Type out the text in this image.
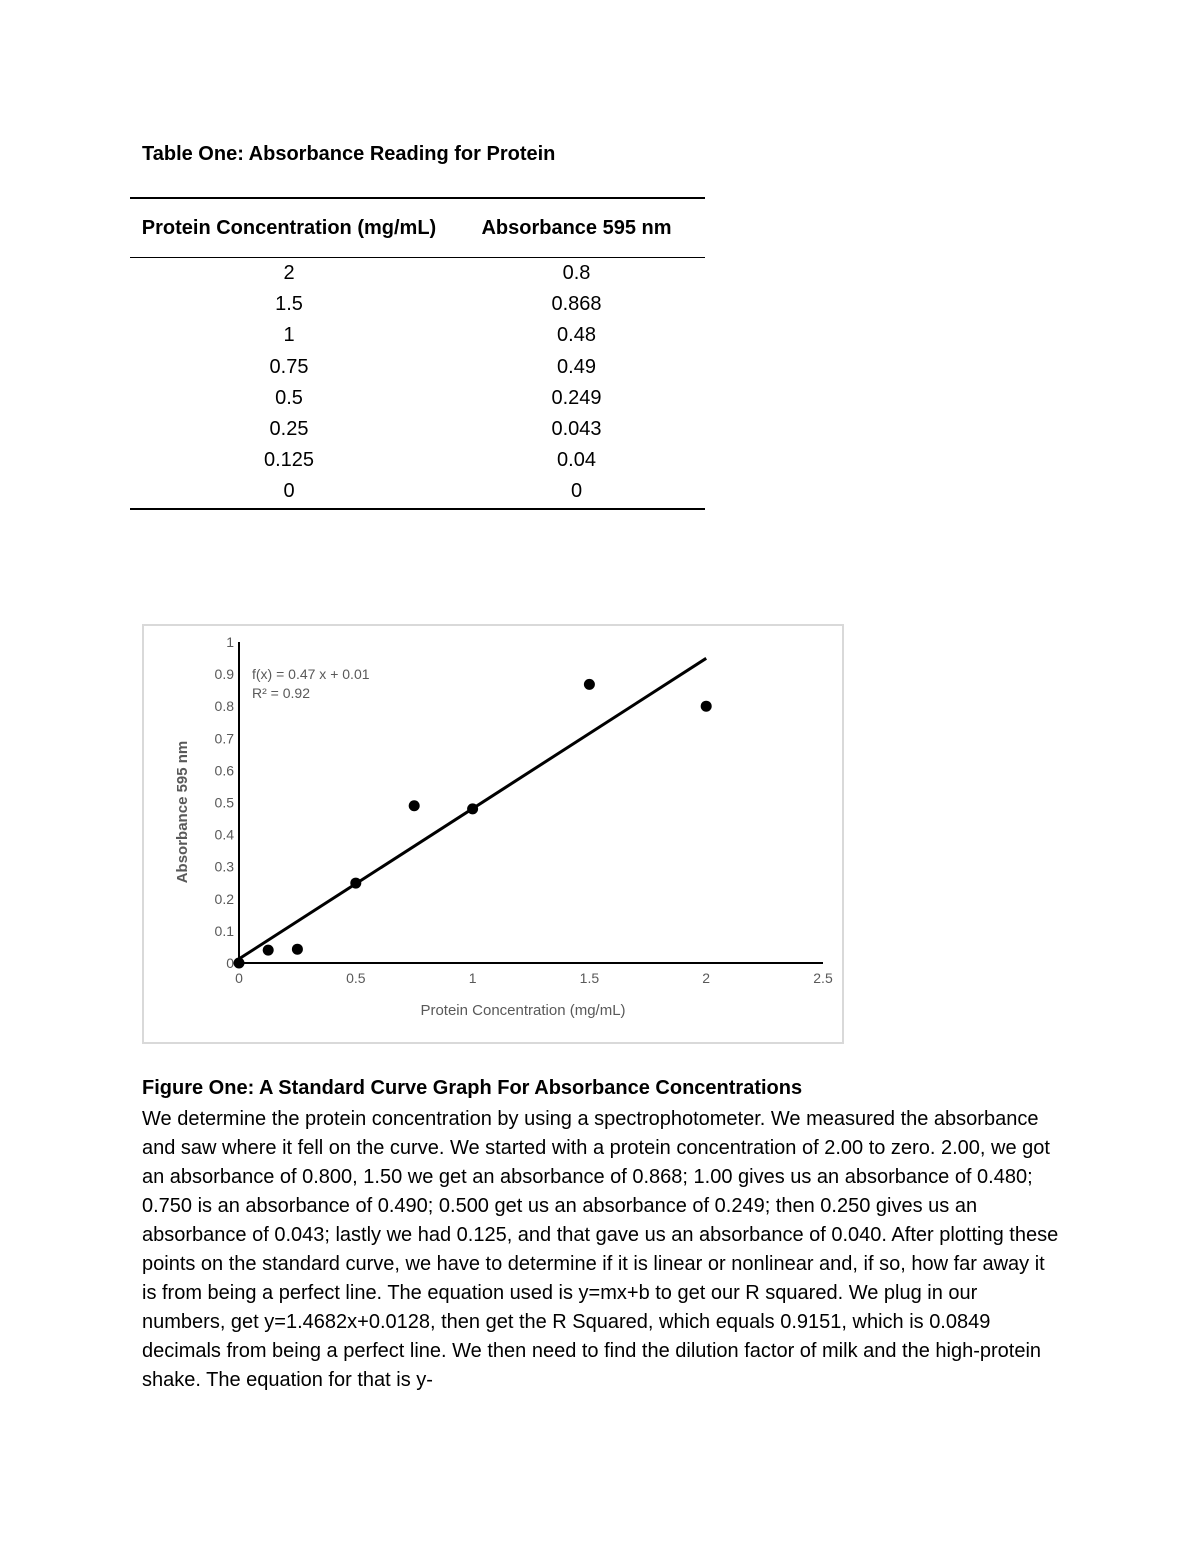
Table One: Absorbance Reading for Protein
Protein Concentration (mg/mL)	Absorbance 595 nm
2	0.8
1.5	0.868
1	0.48
0.75	0.49
0.5	0.249
0.25	0.043
0.125	0.04
0	0
0
0.1
0.2
0.3
0.4
0.5
0.6
0.7
0.8
0.9
1
0	0.5	1	1.5	2	2.5
f(x) = 0.47 x + 0.01
R² = 0.92
Protein Concentration (mg/mL)
Absorbance 595 nm
Figure One: A Standard Curve Graph For Absorbance Concentrations

We determine the protein concentration by using a spectrophotometer. We measured the absorbance and saw where it fell on the curve. We started with a protein concentration of 2.00 to zero. 2.00, we got an absorbance of 0.800, 1.50 we get an absorbance of 0.868; 1.00 gives us an absorbance of 0.480; 0.750 is an absorbance of 0.490; 0.500 get us an absorbance of 0.249; then 0.250 gives us an absorbance of 0.043; lastly we had 0.125, and that gave us an absorbance of 0.040. After plotting these points on the standard curve, we have to determine if it is linear or nonlinear and, if so, how far away it is from being a perfect line. The equation used is y=mx+b to get our R squared. We plug in our numbers, get y=1.4682x+0.0128, then get the R Squared, which equals 0.9151, which is 0.0849 decimals from being a perfect line. We then need to find the dilution factor of milk and the high-protein shake. The equation for that is y-
